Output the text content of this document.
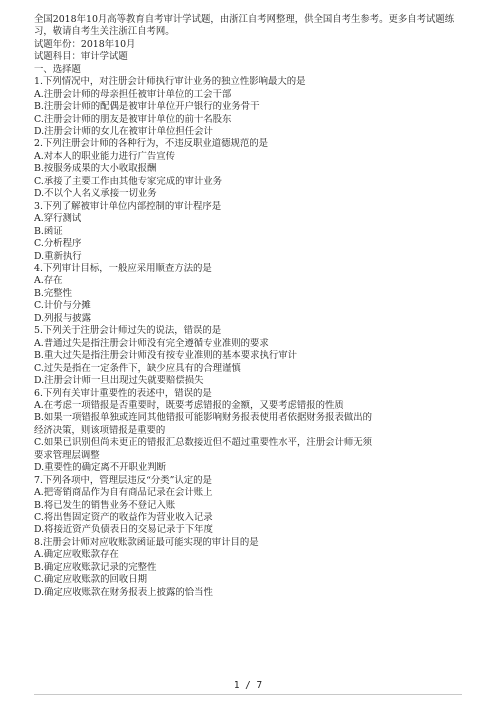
全国2018年10月高等教育自考审计学试题，由浙江自考网整理，供全国自考生参考。更多自考试题练习，敬请自考生关注浙江自考网。

试题年份：2018年10月
试题科目：审计学试题
一、选择题
1.下列情况中，对注册会计师执行审计业务的独立性影响最大的是
A.注册会计师的母亲担任被审计单位的工会干部
B.注册会计师的配偶是被审计单位开户银行的业务骨干
C.注册会计师的朋友是被审计单位的前十名股东
D.注册会计师的女儿在被审计单位担任会计
2.下列注册会计师的各种行为，不违反职业道德规范的是
A.对本人的职业能力进行广告宣传
B.按服务成果的大小收取报酬
C.承接了主要工作由其他专家完成的审计业务
D.不以个人名义承接一切业务
3.下列了解被审计单位内部控制的审计程序是
A.穿行测试
B.函证
C.分析程序
D.重新执行
4.下列审计目标，一般应采用顺查方法的是
A.存在
B.完整性
C.计价与分摊
D.列报与披露
5.下列关于注册会计师过失的说法，错误的是
A.普通过失是指注册会计师没有完全遵循专业准则的要求
B.重大过失是指注册会计师没有按专业准则的基本要求执行审计
C.过失是指在一定条件下，缺少应具有的合理谨慎
D.注册会计师一旦出现过失就要赔偿损失
6.下列有关审计重要性的表述中，错误的是
A.在考虑一项错报是否重要时，既要考虑错报的金额，又要考虑错报的性质
B.如果一项错报单独或连同其他错报可能影响财务报表使用者依据财务报表做出的
经济决策，则该项错报是重要的
C.如果已识别但尚未更正的错报汇总数接近但不超过重要性水平，注册会计师无须
要求管理层调整
D.重要性的确定离不开职业判断
7.下列各项中，管理层违反“分类”认定的是
A.把寄销商品作为自有商品记录在会计账上
B.将已发生的销售业务不登记入账
C.将出售固定资产的收益作为营业收入记录
D.将接近资产负债表日的交易记录于下年度
8.注册会计师对应收账款函证最可能实现的审计目的是
A.确定应收账款存在
B.确定应收账款记录的完整性
C.确定应收账款的回收日期
D.确定应收账款在财务报表上披露的恰当性
1 / 7
